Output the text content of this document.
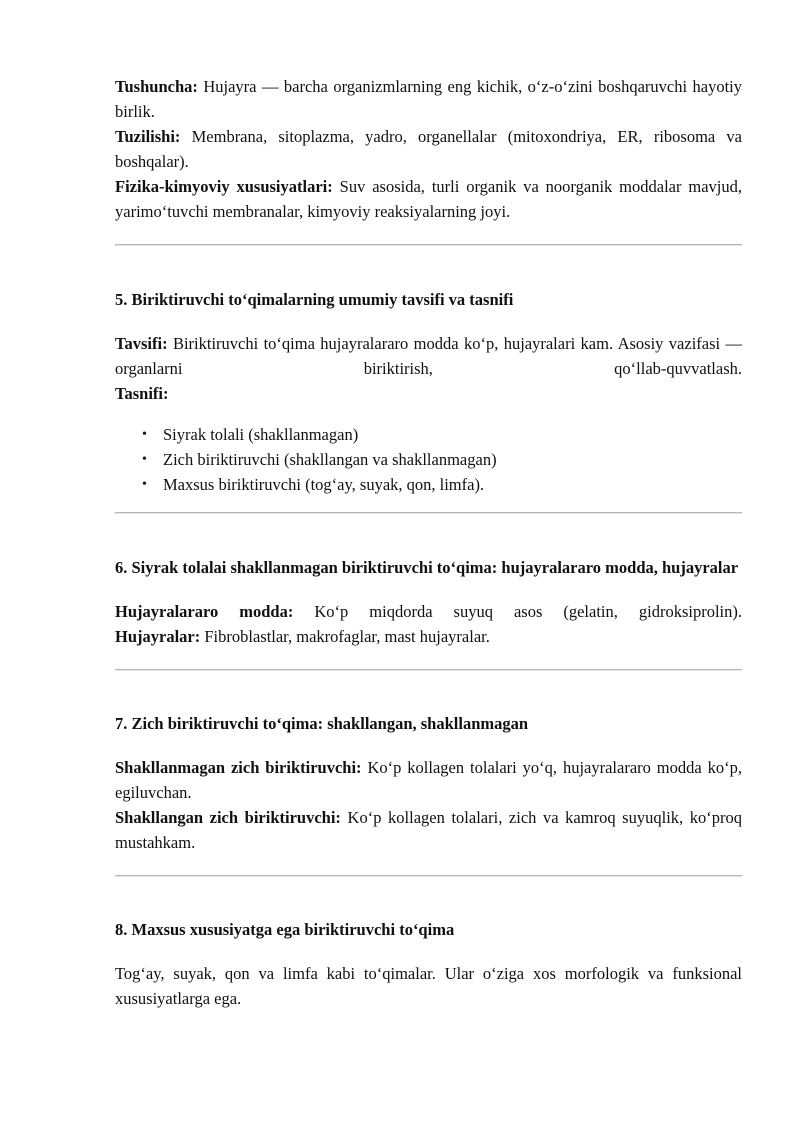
Tushuncha: Hujayra — barcha organizmlarning eng kichik, oʻz-oʻzini boshqaruvchi hayotiy birlik.

Tuzilishi: Membrana, sitoplazma, yadro, organellalar (mitoxondriya, ER, ribosoma va boshqalar).

Fizika-kimyoviy xususiyatlari: Suv asosida, turli organik va noorganik moddalar mavjud, yarimoʻtuvchi membranalar, kimyoviy reaksiyalarning joyi.

5. Biriktiruvchi toʻqimalarning umumiy tavsifi va tasnifi

Tavsifi: Biriktiruvchi toʻqima hujayralararo modda koʻp, hujayralari kam. Asosiy vazifasi — organlarni biriktirish, qoʻllab-quvvatlash.

Tasnifi:

• Siyrak tolali (shakllanmagan)
• Zich biriktiruvchi (shakllangan va shakllanmagan)
• Maxsus biriktiruvchi (togʻay, suyak, qon, limfa).
6. Siyrak tolalai shakllanmagan biriktiruvchi toʻqima: hujayralararo modda, hujayralar

Hujayralararo modda: Koʻp miqdorda suyuq asos (gelatin, gidroksiprolin).

Hujayralar: Fibroblastlar, makrofaglar, mast hujayralar.

7. Zich biriktiruvchi toʻqima: shakllangan, shakllanmagan

Shakllanmagan zich biriktiruvchi: Koʻp kollagen tolalari yoʻq, hujayralararo modda koʻp, egiluvchan.

Shakllangan zich biriktiruvchi: Koʻp kollagen tolalari, zich va kamroq suyuqlik, koʻproq mustahkam.

8. Maxsus xususiyatga ega biriktiruvchi toʻqima

Togʻay, suyak, qon va limfa kabi toʻqimalar. Ular oʻziga xos morfologik va funksional xususiyatlarga ega.
